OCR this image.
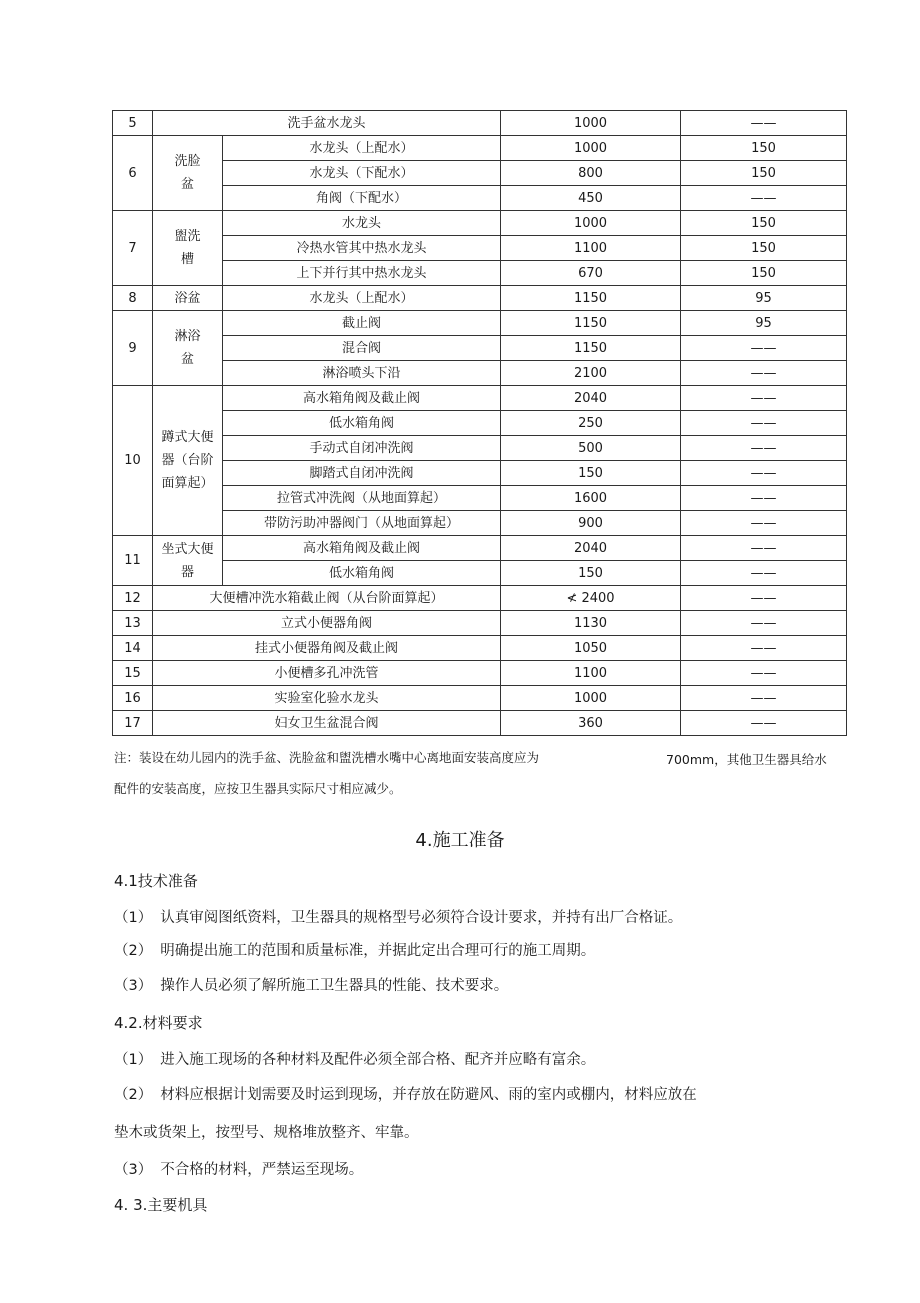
5	洗手盆水龙头		1000	——
6	洗脸盆	水龙头（上配水）	1000	150
		水龙头（下配水）	800	150
		角阀（下配水）	450	——
7	盥洗槽	水龙头	1000	150
		冷热水管其中热水龙头	1100	150
		上下并行其中热水龙头	670	150
8	浴盆	水龙头（上配水）	1150	95
9	淋浴盆	截止阀	1150	95
		混合阀	1150	——
		淋浴喷头下沿	2100	——
10	蹲式大便器（台阶面算起）	高水箱角阀及截止阀	2040	——
		低水箱角阀	250	——
		手动式自闭冲洗阀	500	——
		脚踏式自闭冲洗阀	150	——
		拉管式冲洗阀（从地面算起）	1600	——
		带防污助冲器阀门（从地面算起）	900	——
11	坐式大便器	高水箱角阀及截止阀	2040	——
		低水箱角阀	150	——
12	大便槽冲洗水箱截止阀（从台阶面算起）		≮ 2400	——
13	立式小便器角阀		1130	——
14	挂式小便器角阀及截止阀		1050	——
15	小便槽多孔冲洗管		1100	——
16	实验室化验水龙头		1000	——
17	妇女卫生盆混合阀		360	——
注：装设在幼儿园内的洗手盆、洗脸盆和盥洗槽水嘴中心离地面安装高度应为	700mm，其他卫生器具给水
配件的安装高度，应按卫生器具实际尺寸相应减少。
4.施工准备
4.1技术准备
（1） 认真审阅图纸资料，卫生器具的规格型号必须符合设计要求，并持有出厂合格证。
（2） 明确提出施工的范围和质量标准，并据此定出合理可行的施工周期。
（3） 操作人员必须了解所施工卫生器具的性能、技术要求。
4.2.材料要求
（1） 进入施工现场的各种材料及配件必须全部合格、配齐并应略有富余。
（2） 材料应根据计划需要及时运到现场，并存放在防避风、雨的室内或棚内，材料应放在
垫木或货架上，按型号、规格堆放整齐、牢靠。
（3） 不合格的材料，严禁运至现场。
4. 3.主要机具
